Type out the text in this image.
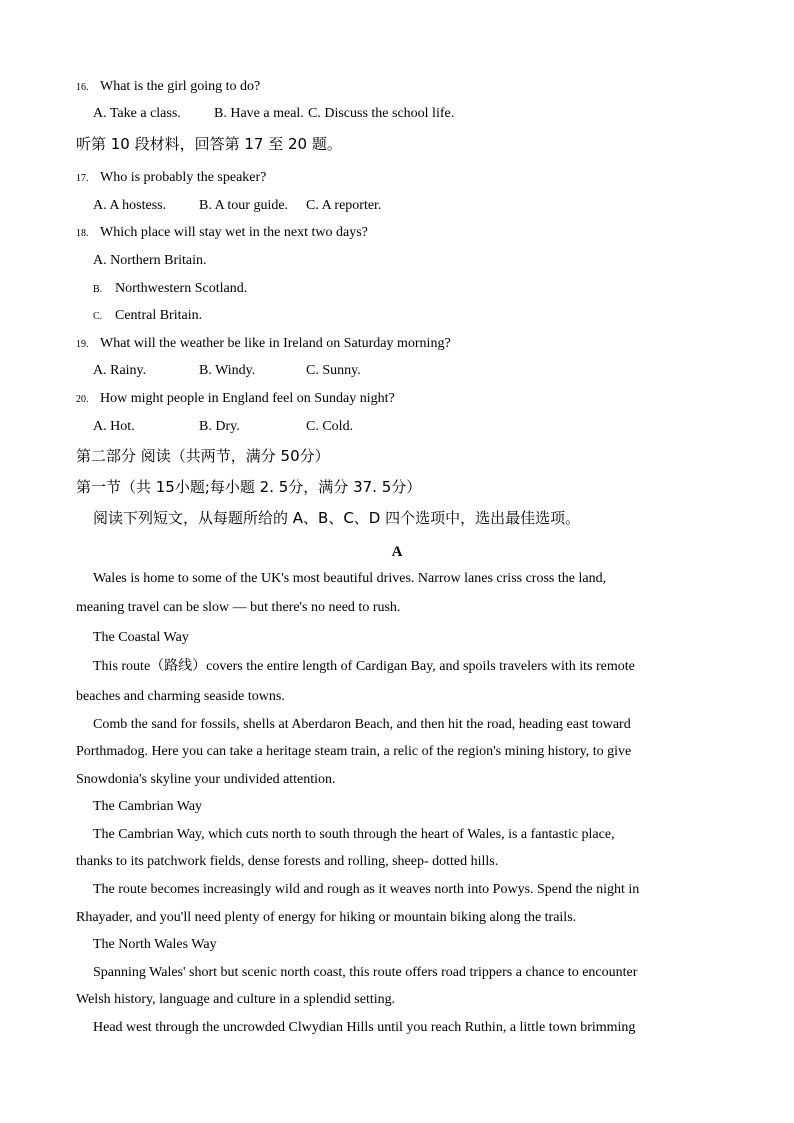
16. What is the girl going to do?
A. Take a class. B. Have a meal. C. Discuss the school life.
听第 10 段材料，回答第 17 至 20 题。
17. Who is probably the speaker?
A. A hostess. B. A tour guide. C. A reporter.
18. Which place will stay wet in the next two days?
A. Northern Britain.
B. Northwestern Scotland.
C. Central Britain.
19. What will the weather be like in Ireland on Saturday morning?
A. Rainy.	B. Windy.	C. Sunny.
20. How might people in England feel on Sunday night?
A. Hot.	B. Dry.	C. Cold.
第二部分 阅读（共两节，满分 50分）
第一节（共 15小题;每小题 2. 5分，满分 37. 5分）
阅读下列短文，从每题所给的 A、B、C、D 四个选项中，选出最佳选项。
A
Wales is home to some of the UK's most beautiful drives. Narrow lanes criss cross the land,
meaning travel can be slow — but there's no need to rush.
The Coastal Way
This route（路线）covers the entire length of Cardigan Bay, and spoils travelers with its remote
beaches and charming seaside towns.
Comb the sand for fossils, shells at Aberdaron Beach, and then hit the road, heading east toward
Porthmadog. Here you can take a heritage steam train, a relic of the region's mining history, to give
Snowdonia's skyline your undivided attention.
The Cambrian Way
The Cambrian Way, which cuts north to south through the heart of Wales, is a fantastic place,
thanks to its patchwork fields, dense forests and rolling, sheep- dotted hills.
The route becomes increasingly wild and rough as it weaves north into Powys. Spend the night in
Rhayader, and you'll need plenty of energy for hiking or mountain biking along the trails.
The North Wales Way
Spanning Wales' short but scenic north coast, this route offers road trippers a chance to encounter
Welsh history, language and culture in a splendid setting.
Head west through the uncrowded Clwydian Hills until you reach Ruthin, a little town brimming
